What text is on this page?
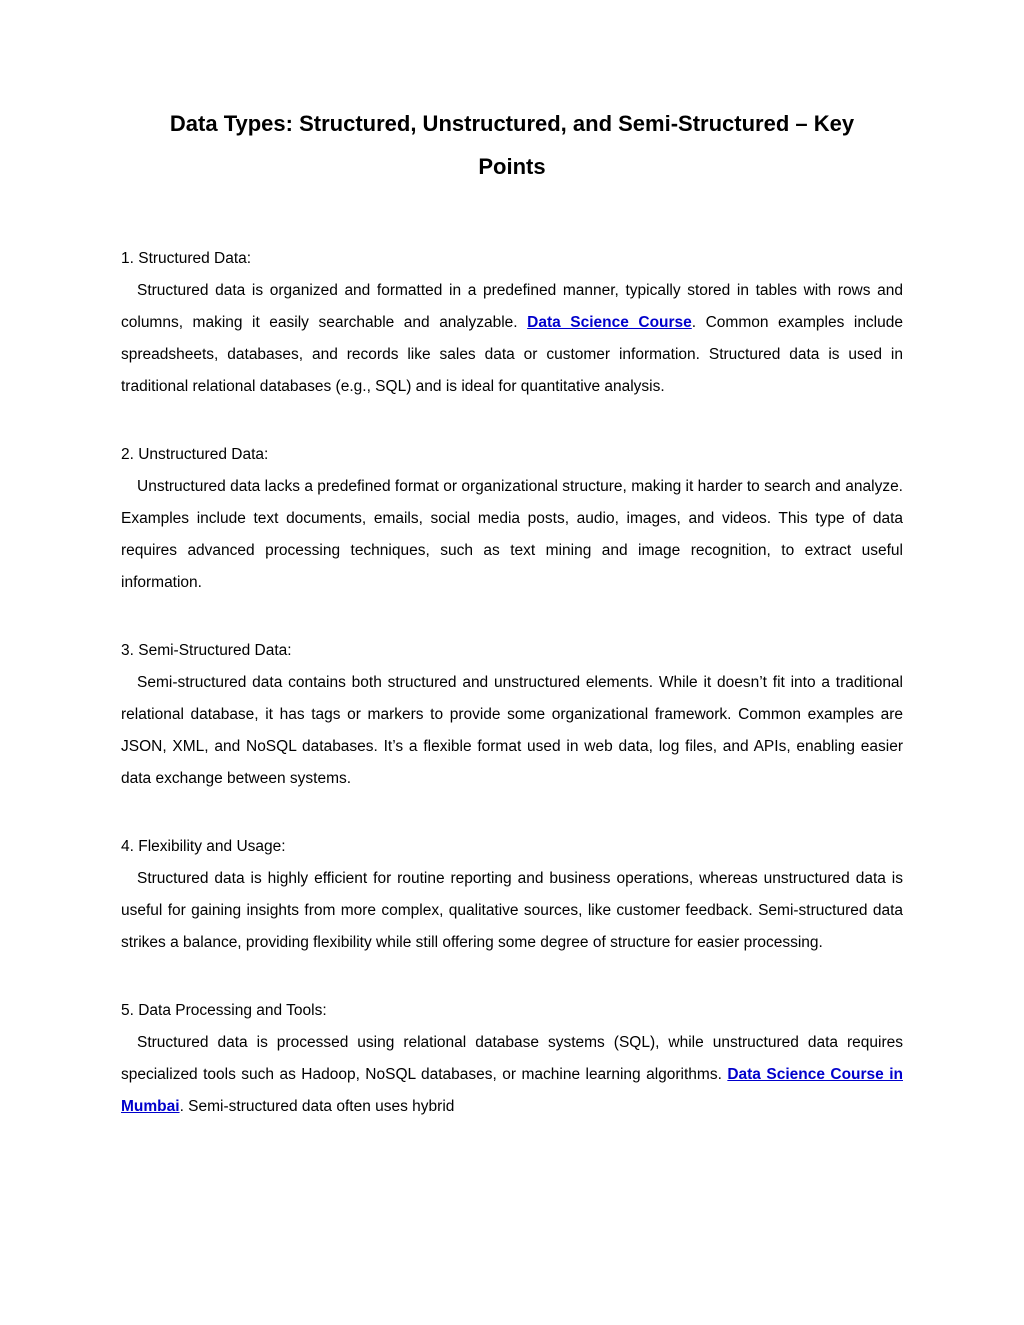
Data Types: Structured, Unstructured, and Semi-Structured – Key
Points
1. Structured Data:

Structured data is organized and formatted in a predefined manner, typically stored in tables with rows and columns, making it easily searchable and analyzable. Data Science Course. Common examples include spreadsheets, databases, and records like sales data or customer information. Structured data is used in traditional relational databases (e.g., SQL) and is ideal for quantitative analysis.

2. Unstructured Data:

Unstructured data lacks a predefined format or organizational structure, making it harder to search and analyze. Examples include text documents, emails, social media posts, audio, images, and videos. This type of data requires advanced processing techniques, such as text mining and image recognition, to extract useful information.

3. Semi-Structured Data:

Semi-structured data contains both structured and unstructured elements. While it doesn’t fit into a traditional relational database, it has tags or markers to provide some organizational framework. Common examples are JSON, XML, and NoSQL databases. It’s a flexible format used in web data, log files, and APIs, enabling easier data exchange between systems.

4. Flexibility and Usage:

Structured data is highly efficient for routine reporting and business operations, whereas unstructured data is useful for gaining insights from more complex, qualitative sources, like customer feedback. Semi-structured data strikes a balance, providing flexibility while still offering some degree of structure for easier processing.

5. Data Processing and Tools:

Structured data is processed using relational database systems (SQL), while unstructured data requires specialized tools such as Hadoop, NoSQL databases, or machine learning algorithms. Data Science Course in Mumbai. Semi-structured data often uses hybrid
